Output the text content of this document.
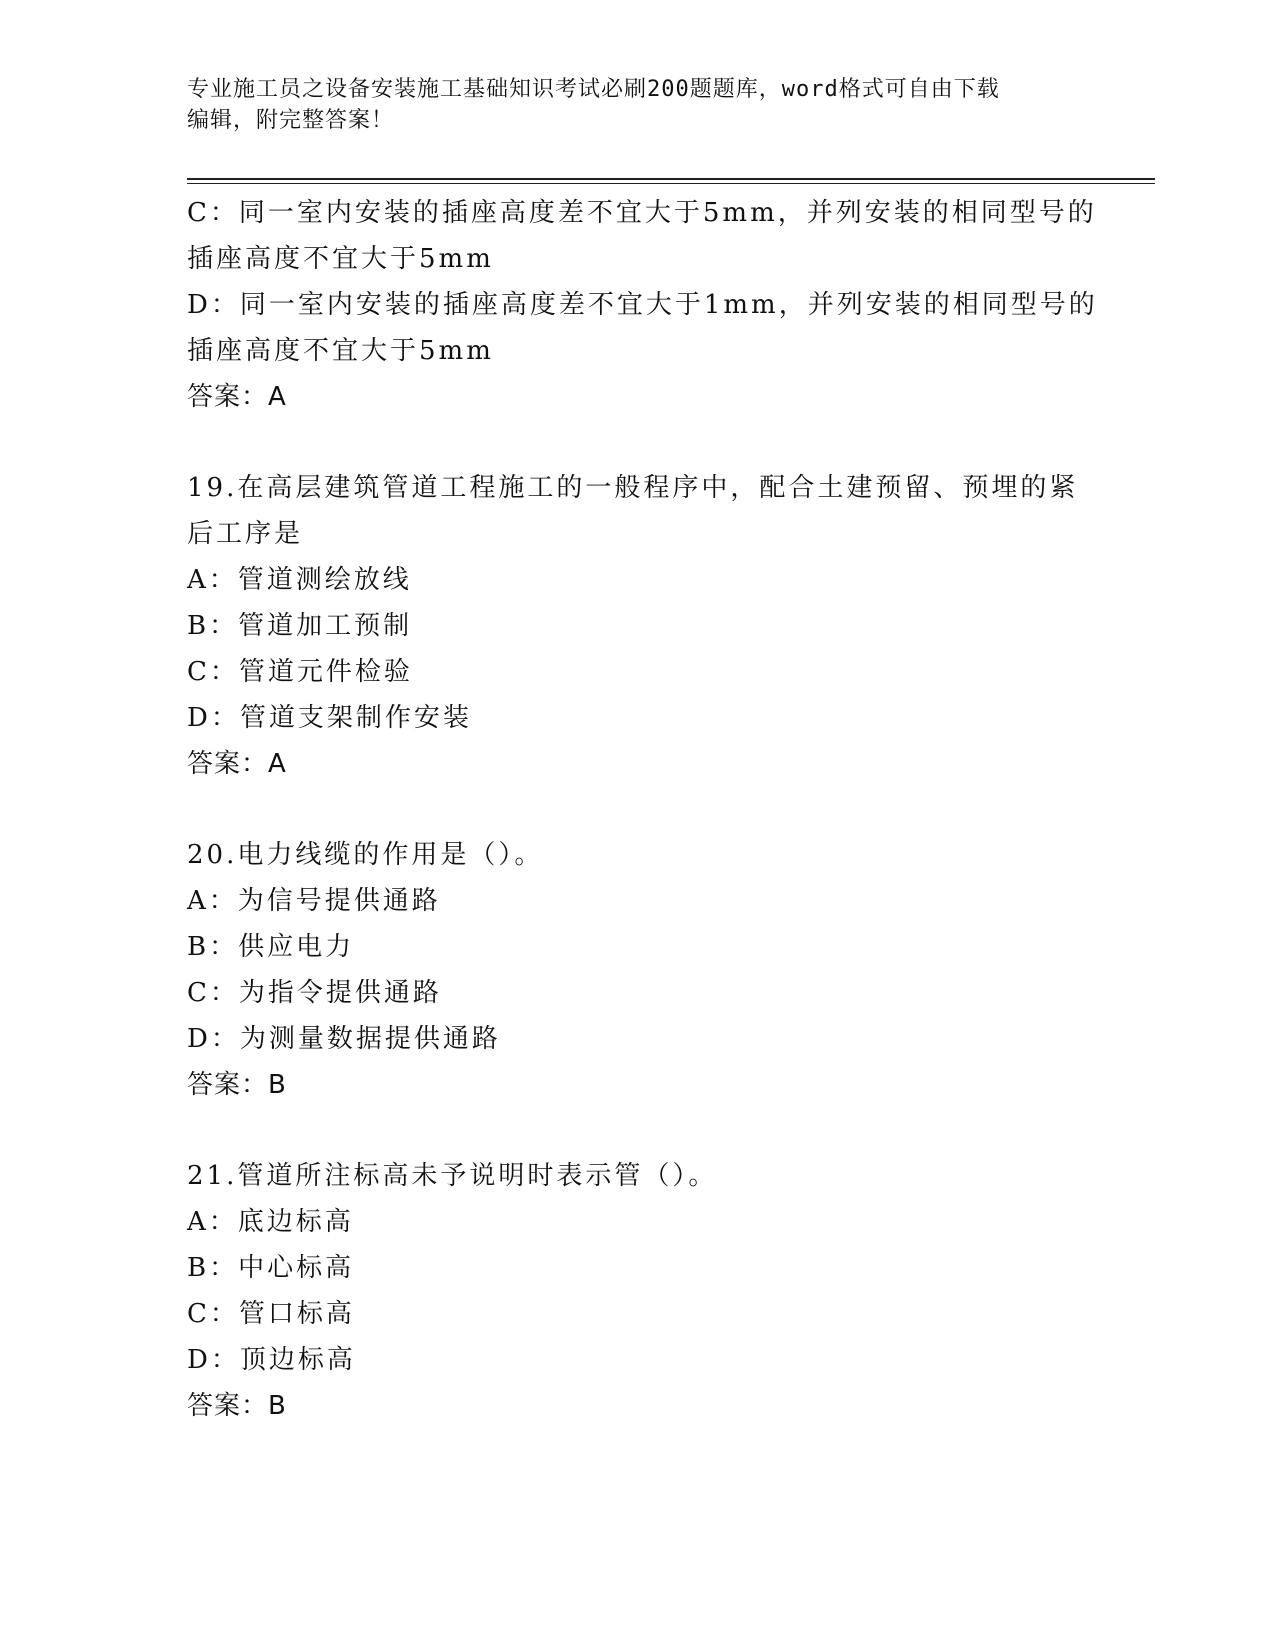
专业施工员之设备安装施工基础知识考试必刷200题题库，word格式可自由下载
编辑，附完整答案！
C：同一室内安装的插座高度差不宜大于5mm，并列安装的相同型号的
插座高度不宜大于5mm
D：同一室内安装的插座高度差不宜大于1mm，并列安装的相同型号的
插座高度不宜大于5mm
答案：A
19.在高层建筑管道工程施工的一般程序中，配合土建预留、预埋的紧
后工序是
A：管道测绘放线
B：管道加工预制
C：管道元件检验
D：管道支架制作安装
答案：A
20.电力线缆的作用是（）。
A：为信号提供通路
B：供应电力
C：为指令提供通路
D：为测量数据提供通路
答案：B
21.管道所注标高未予说明时表示管（）。
A：底边标高
B：中心标高
C：管口标高
D：顶边标高
答案：B
